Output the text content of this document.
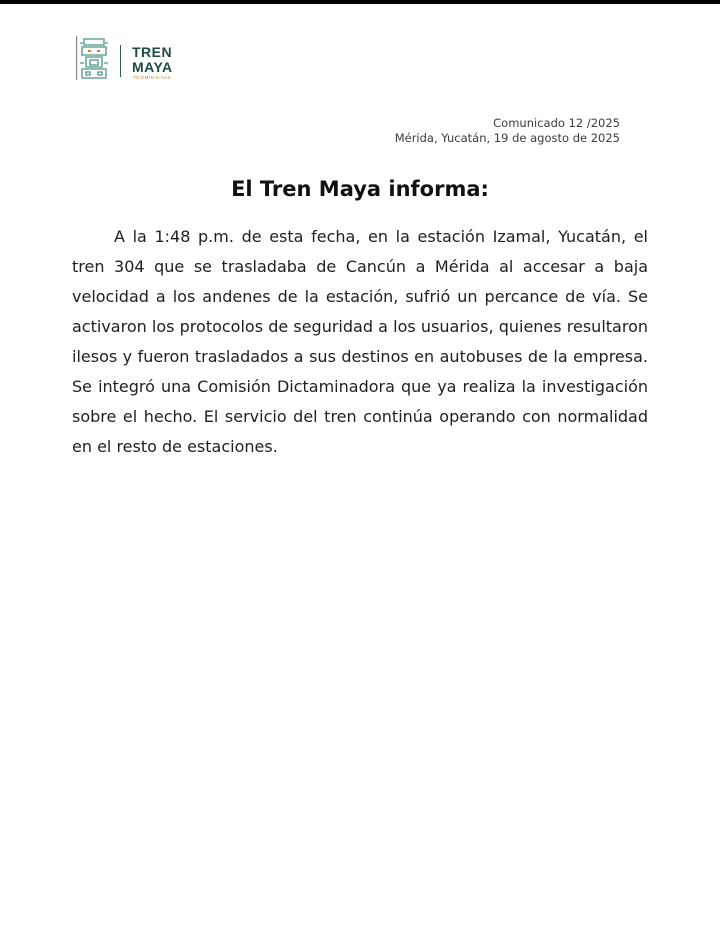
TREN
MAYA
TÉ'EMIN K'ÁAK
Comunicado 12 /2025
Mérida, Yucatán, 19 de agosto de 2025
El Tren Maya informa:

A la 1:48 p.m. de esta fecha, en la estación Izamal, Yucatán, el tren 304 que se trasladaba de Cancún a Mérida al accesar a baja velocidad a los andenes de la estación, sufrió un percance de vía. Se activaron los protocolos de seguridad a los usuarios, quienes resultaron ilesos y fueron trasladados a sus destinos en autobuses de la empresa. Se integró una Comisión Dictaminadora que ya realiza la investigación sobre el hecho. El servicio del tren continúa operando con normalidad en el resto de estaciones.
